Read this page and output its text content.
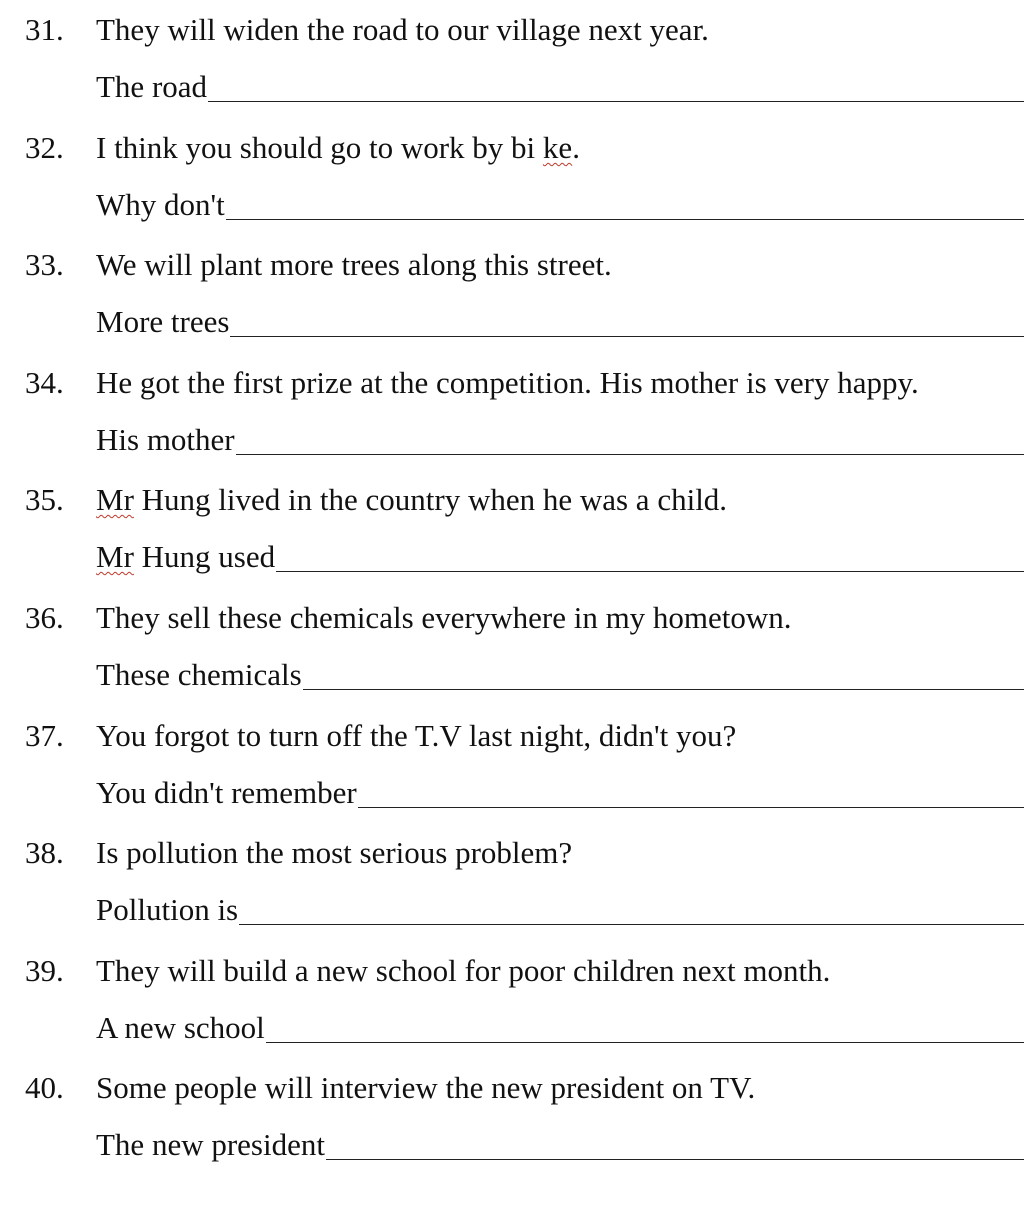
31. They will widen the road to our village next year.
The road
32. I think you should go to work by bi ke.
Why don't
33. We will plant more trees along this street.
More trees
34. He got the first prize at the competition. His mother is very happy.
His mother
35. Mr Hung lived in the country when he was a child.
Mr Hung used
36. They sell these chemicals everywhere in my hometown.
These chemicals
37. You forgot to turn off the T.V last night, didn't you?
You didn't remember
38. Is pollution the most serious problem?
Pollution is
39. They will build a new school for poor children next month.
A new school
40. Some people will interview the new president on TV.
The new president
